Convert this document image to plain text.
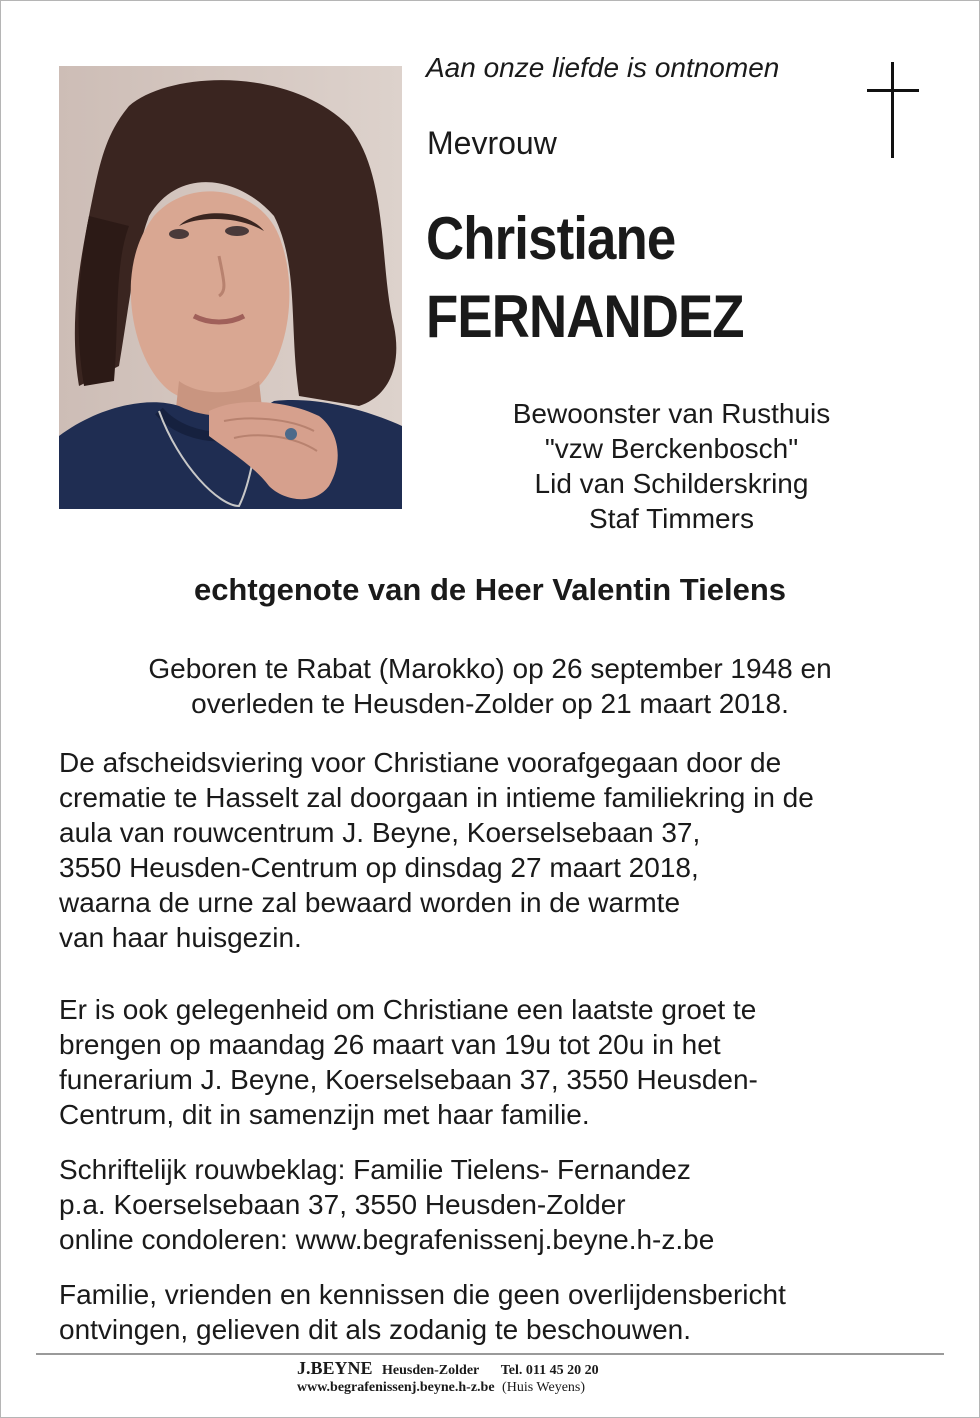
Aan onze liefde is ontnomen

Mevrouw

Christiane
FERNANDEZ
Bewoonster van Rusthuis
"vzw Berckenbosch"
Lid van Schilderskring
Staf Timmers

echtgenote van de Heer Valentin Tielens

Geboren te Rabat (Marokko) op 26 september 1948 en
overleden te Heusden-Zolder op 21 maart 2018.
De afscheidsviering voor Christiane voorafgegaan door de
crematie te Hasselt zal doorgaan in intieme familiekring in de
aula van rouwcentrum J. Beyne, Koerselsebaan 37,
3550 Heusden-Centrum op dinsdag 27 maart 2018,
waarna de urne zal bewaard worden in de warmte
van haar huisgezin.
Er is ook gelegenheid om Christiane een laatste groet te
brengen op maandag 26 maart van 19u tot 20u in het
funerarium J. Beyne, Koerselsebaan 37, 3550 Heusden-
Centrum, dit in samenzijn met haar familie.
Schriftelijk rouwbeklag: Familie Tielens- Fernandez
p.a. Koerselsebaan 37, 3550 Heusden-Zolder
online condoleren: www.begrafenissenj.beyne.h-z.be
Familie, vrienden en kennissen die geen overlijdensbericht
ontvingen, gelieven dit als zodanig te beschouwen.
J.BEYNE Heusden-Zolder Tel. 011 45 20 20
www.begrafenissenj.beyne.h-z.be (Huis Weyens)
